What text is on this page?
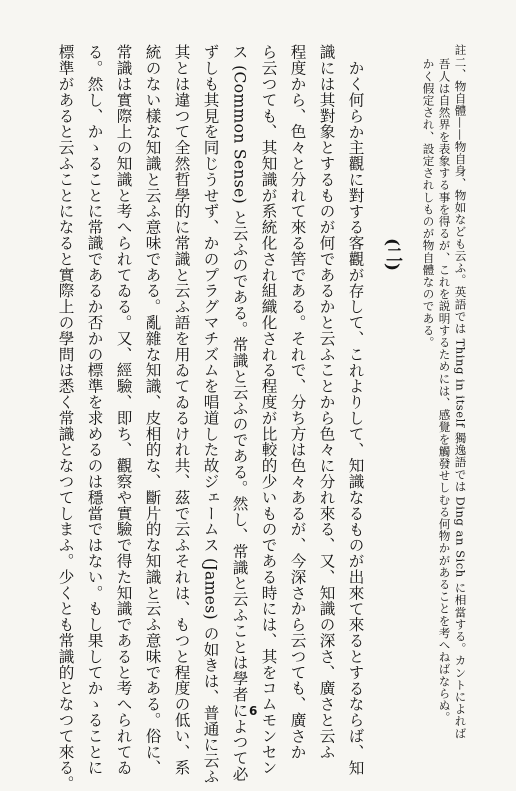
註二、物自體——物自身、物如なども云ふ。英語では Thing in itself 獨逸語では Ding an Sich に相當する。カントによれば
吾人は自然界を表象する事を得るが、これを説明するためには、感覺を觸發せしむる何物かがあることを考へねばならぬ。
かく假定され、設定されしものが物自體なのである。
(二)
かく何らか主觀に對する客觀が存して、これよりして、知識なるものが出來て來るとするならば、知
識には其對象とするものが何であるかと云ふことから色々に分れ來る、又、知識の深さ、廣さと云ふ
程度から、色々と分れて來る筈である。それで、分ち方は色々あるが、今深さから云つても、廣さか
ら云つても、其知識が系統化され組織化される程度が比較的少いものである時には、其をコムモンセン
ス (Common Sense) と云ふのである。常識と云ふのである。然し、常識と云ふことは學者によつて必
ずしも其見を同じうせず、かのプラグマチズムを唱道した故ジェームス (James) の如きは、普通に云ふ
其とは違つて全然哲學的に常識と云ふ語を用ゐてゐるけれ共、茲で云ふそれは、もつと程度の低い、系
統のない樣な知識と云ふ意味である。亂雜な知識、皮相的な、斷片的な知識と云ふ意味である。俗に、
常識は實際上の知識と考へられてゐる。又、經驗、即ち、觀察や實驗で得た知識であると考へられてゐ
る。然し、かゝることに常識であるか否かの標準を求めるのは穩當ではない。もし果してかゝることに
標準があると云ふことになると實際上の學問は悉く常識となつてしまふ。少くとも常識的となつて來る。	6
